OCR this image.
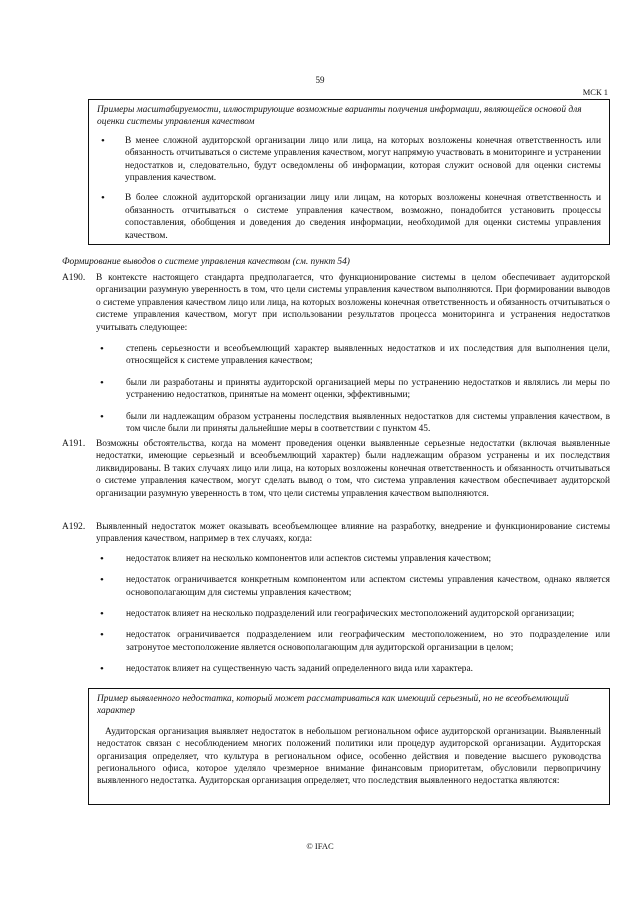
59
МСК 1
Примеры масштабируемости, иллюстрирующие возможные варианты получения информации, являющейся основой для оценки системы управления качеством
• В менее сложной аудиторской организации лицо или лица, на которых возложены конечная ответственность или обязанность отчитываться о системе управления качеством, могут напрямую участвовать в мониторинге и устранении недостатков и, следовательно, будут осведомлены об информации, которая служит основой для оценки системы управления качеством.
• В более сложной аудиторской организации лицу или лицам, на которых возложены конечная ответственность и обязанность отчитываться о системе управления качеством, возможно, понадобится установить процессы сопоставления, обобщения и доведения до сведения информации, необходимой для оценки системы управления качеством.
Формирование выводов о системе управления качеством (см. пункт 54)
A190. В контексте настоящего стандарта предполагается, что функционирование системы в целом обеспечивает аудиторской организации разумную уверенность в том, что цели системы управления качеством выполняются. При формировании выводов о системе управления качеством лицо или лица, на которых возложены конечная ответственность и обязанность отчитываться о системе управления качеством, могут при использовании результатов процесса мониторинга и устранения недостатков учитывать следующее:
• степень серьезности и всеобъемлющий характер выявленных недостатков и их последствия для выполнения цели, относящейся к системе управления качеством;
• были ли разработаны и приняты аудиторской организацией меры по устранению недостатков и являлись ли меры по устранению недостатков, принятые на момент оценки, эффективными;
• были ли надлежащим образом устранены последствия выявленных недостатков для системы управления качеством, в том числе были ли приняты дальнейшие меры в соответствии с пунктом 45.
A191. Возможны обстоятельства, когда на момент проведения оценки выявленные серьезные недостатки (включая выявленные недостатки, имеющие серьезный и всеобъемлющий характер) были надлежащим образом устранены и их последствия ликвидированы. В таких случаях лицо или лица, на которых возложены конечная ответственность и обязанность отчитываться о системе управления качеством, могут сделать вывод о том, что система управления качеством обеспечивает аудиторской организации разумную уверенность в том, что цели системы управления качеством выполняются.
A192. Выявленный недостаток может оказывать всеобъемлющее влияние на разработку, внедрение и функционирование системы управления качеством, например в тех случаях, когда:
• недостаток влияет на несколько компонентов или аспектов системы управления качеством;
• недостаток ограничивается конкретным компонентом или аспектом системы управления качеством, однако является основополагающим для системы управления качеством;
• недостаток влияет на несколько подразделений или географических местоположений аудиторской организации;
• недостаток ограничивается подразделением или географическим местоположением, но это подразделение или затронутое местоположение является основополагающим для аудиторской организации в целом;
• недостаток влияет на существенную часть заданий определенного вида или характера.
Пример выявленного недостатка, который может рассматриваться как имеющий серьезный, но не всеобъемлющий характер
Аудиторская организация выявляет недостаток в небольшом региональном офисе аудиторской организации. Выявленный недостаток связан с несоблюдением многих положений политики или процедур аудиторской организации. Аудиторская организация определяет, что культура в региональном офисе, особенно действия и поведение высшего руководства регионального офиса, которое уделяло чрезмерное внимание финансовым приоритетам, обусловили первопричину выявленного недостатка. Аудиторская организация определяет, что последствия выявленного недостатка являются:
© IFAC
